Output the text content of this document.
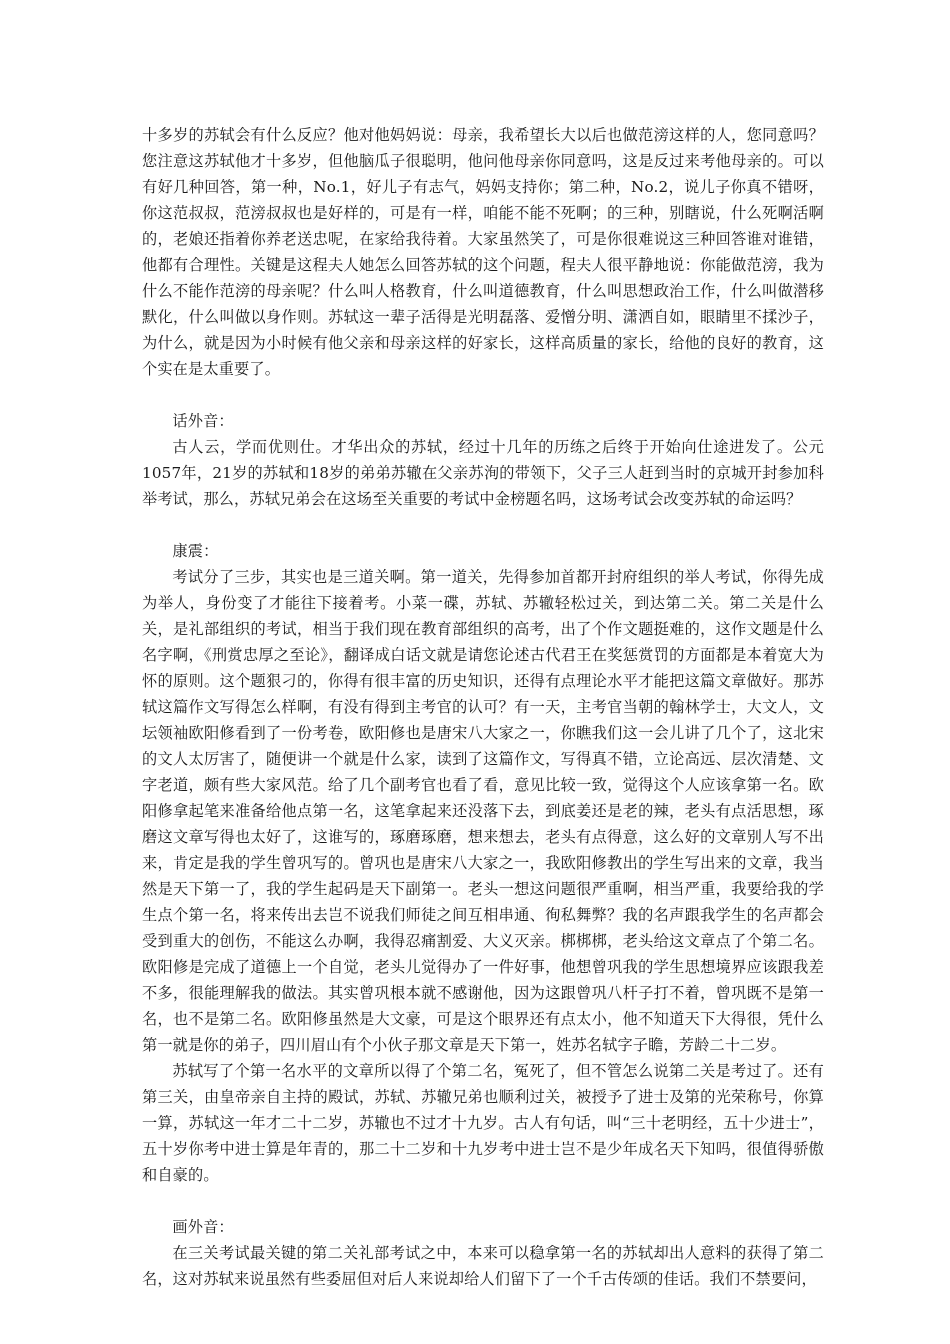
十多岁的苏轼会有什么反应？他对他妈妈说：母亲，我希望长大以后也做范滂这样的人，您同意吗？您注意这苏轼他才十多岁，但他脑瓜子很聪明，他问他母亲你同意吗，这是反过来考他母亲的。可以有好几种回答，第一种，No.1，好儿子有志气，妈妈支持你；第二种，No.2，说儿子你真不错呀，你这范叔叔，范滂叔叔也是好样的，可是有一样，咱能不能不死啊；的三种，别瞎说，什么死啊活啊的，老娘还指着你养老送忠呢，在家给我待着。大家虽然笑了，可是你很难说这三种回答谁对谁错，他都有合理性。关键是这程夫人她怎么回答苏轼的这个问题，程夫人很平静地说：你能做范滂，我为什么不能作范滂的母亲呢？什么叫人格教育，什么叫道德教育，什么叫思想政治工作，什么叫做潜移默化，什么叫做以身作则。苏轼这一辈子活得是光明磊落、爱憎分明、潇洒自如，眼睛里不揉沙子，为什么，就是因为小时候有他父亲和母亲这样的好家长，这样高质量的家长，给他的良好的教育，这个实在是太重要了。

话外音：

古人云，学而优则仕。才华出众的苏轼，经过十几年的历练之后终于开始向仕途进发了。公元1057年，21岁的苏轼和18岁的弟弟苏辙在父亲苏洵的带领下，父子三人赶到当时的京城开封参加科举考试，那么，苏轼兄弟会在这场至关重要的考试中金榜题名吗，这场考试会改变苏轼的命运吗？

康震：

考试分了三步，其实也是三道关啊。第一道关，先得参加首都开封府组织的举人考试，你得先成为举人，身份变了才能往下接着考。小菜一碟，苏轼、苏辙轻松过关，到达第二关。第二关是什么关，是礼部组织的考试，相当于我们现在教育部组织的高考，出了个作文题挺难的，这作文题是什么名字啊，《刑赏忠厚之至论》，翻译成白话文就是请您论述古代君王在奖惩赏罚的方面都是本着宽大为怀的原则。这个题狠刁的，你得有很丰富的历史知识，还得有点理论水平才能把这篇文章做好。那苏轼这篇作文写得怎么样啊，有没有得到主考官的认可？有一天，主考官当朝的翰林学士，大文人，文坛领袖欧阳修看到了一份考卷，欧阳修也是唐宋八大家之一，你瞧我们这一会儿讲了几个了，这北宋的文人太厉害了，随便讲一个就是什么家，读到了这篇作文，写得真不错，立论高远、层次清楚、文字老道，颇有些大家风范。给了几个副考官也看了看，意见比较一致，觉得这个人应该拿第一名。欧阳修拿起笔来准备给他点第一名，这笔拿起来还没落下去，到底姜还是老的辣，老头有点活思想，琢磨这文章写得也太好了，这谁写的，琢磨琢磨，想来想去，老头有点得意，这么好的文章别人写不出来，肯定是我的学生曾巩写的。曾巩也是唐宋八大家之一，我欧阳修教出的学生写出来的文章，我当然是天下第一了，我的学生起码是天下副第一。老头一想这问题很严重啊，相当严重，我要给我的学生点个第一名，将来传出去岂不说我们师徒之间互相串通、徇私舞弊？我的名声跟我学生的名声都会受到重大的创伤，不能这么办啊，我得忍痛割爱、大义灭亲。梆梆梆，老头给这文章点了个第二名。欧阳修是完成了道德上一个自觉，老头儿觉得办了一件好事，他想曾巩我的学生思想境界应该跟我差不多，很能理解我的做法。其实曾巩根本就不感谢他，因为这跟曾巩八杆子打不着，曾巩既不是第一名，也不是第二名。欧阳修虽然是大文豪，可是这个眼界还有点太小，他不知道天下大得很，凭什么第一就是你的弟子，四川眉山有个小伙子那文章是天下第一，姓苏名轼字子瞻，芳龄二十二岁。

苏轼写了个第一名水平的文章所以得了个第二名，冤死了，但不管怎么说第二关是考过了。还有第三关，由皇帝亲自主持的殿试，苏轼、苏辙兄弟也顺利过关，被授予了进士及第的光荣称号，你算一算，苏轼这一年才二十二岁，苏辙也不过才十九岁。古人有句话，叫“三十老明经，五十少进士”，五十岁你考中进士算是年青的，那二十二岁和十九岁考中进士岂不是少年成名天下知吗，很值得骄傲和自豪的。

画外音：

在三关考试最关键的第二关礼部考试之中，本来可以稳拿第一名的苏轼却出人意料的获得了第二名，这对苏轼来说虽然有些委屈但对后人来说却给人们留下了一个千古传颂的佳话。我们不禁要问，
